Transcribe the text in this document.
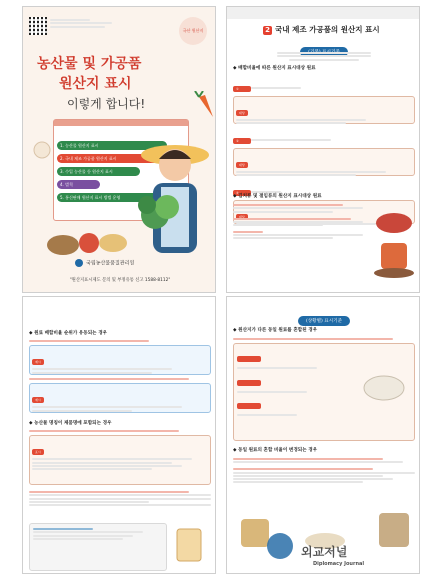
국산 원산지
농산물 및 가공품
원산지 표시
이렇게 합니다!
1. 농산물 원산지 표시
2. 국내 제조 가공품 원산지 표시
3. 수입 농산물 등 원산지 표시
4. 벌칙
5. 통신판매 원산지 표시 방법 운영
국립농산물품질관리원
"원산지표시제도 문의 및 부정유통 신고 1588-8112"
2 국내 제조 가공품의 원산지 표시
◆ 배합비율에 따른 원산지 표시대상 원료
①
대상
②
대상
③
◆ 김치류 및 절임류의 원산지 표시대상 원료
◆ 원료 배합비율 순위가 유동되는 경우
예시
예시
◆ 농산물 명칭이 제품명에 포함되는 경우
표시
(상황별) 표시기준
◆ 원산지가 다른 동일 원료를 혼합된 경우
◆ 동일 원료의 혼합 비율이 변경되는 경우
외교저널
Diplomacy Journal
